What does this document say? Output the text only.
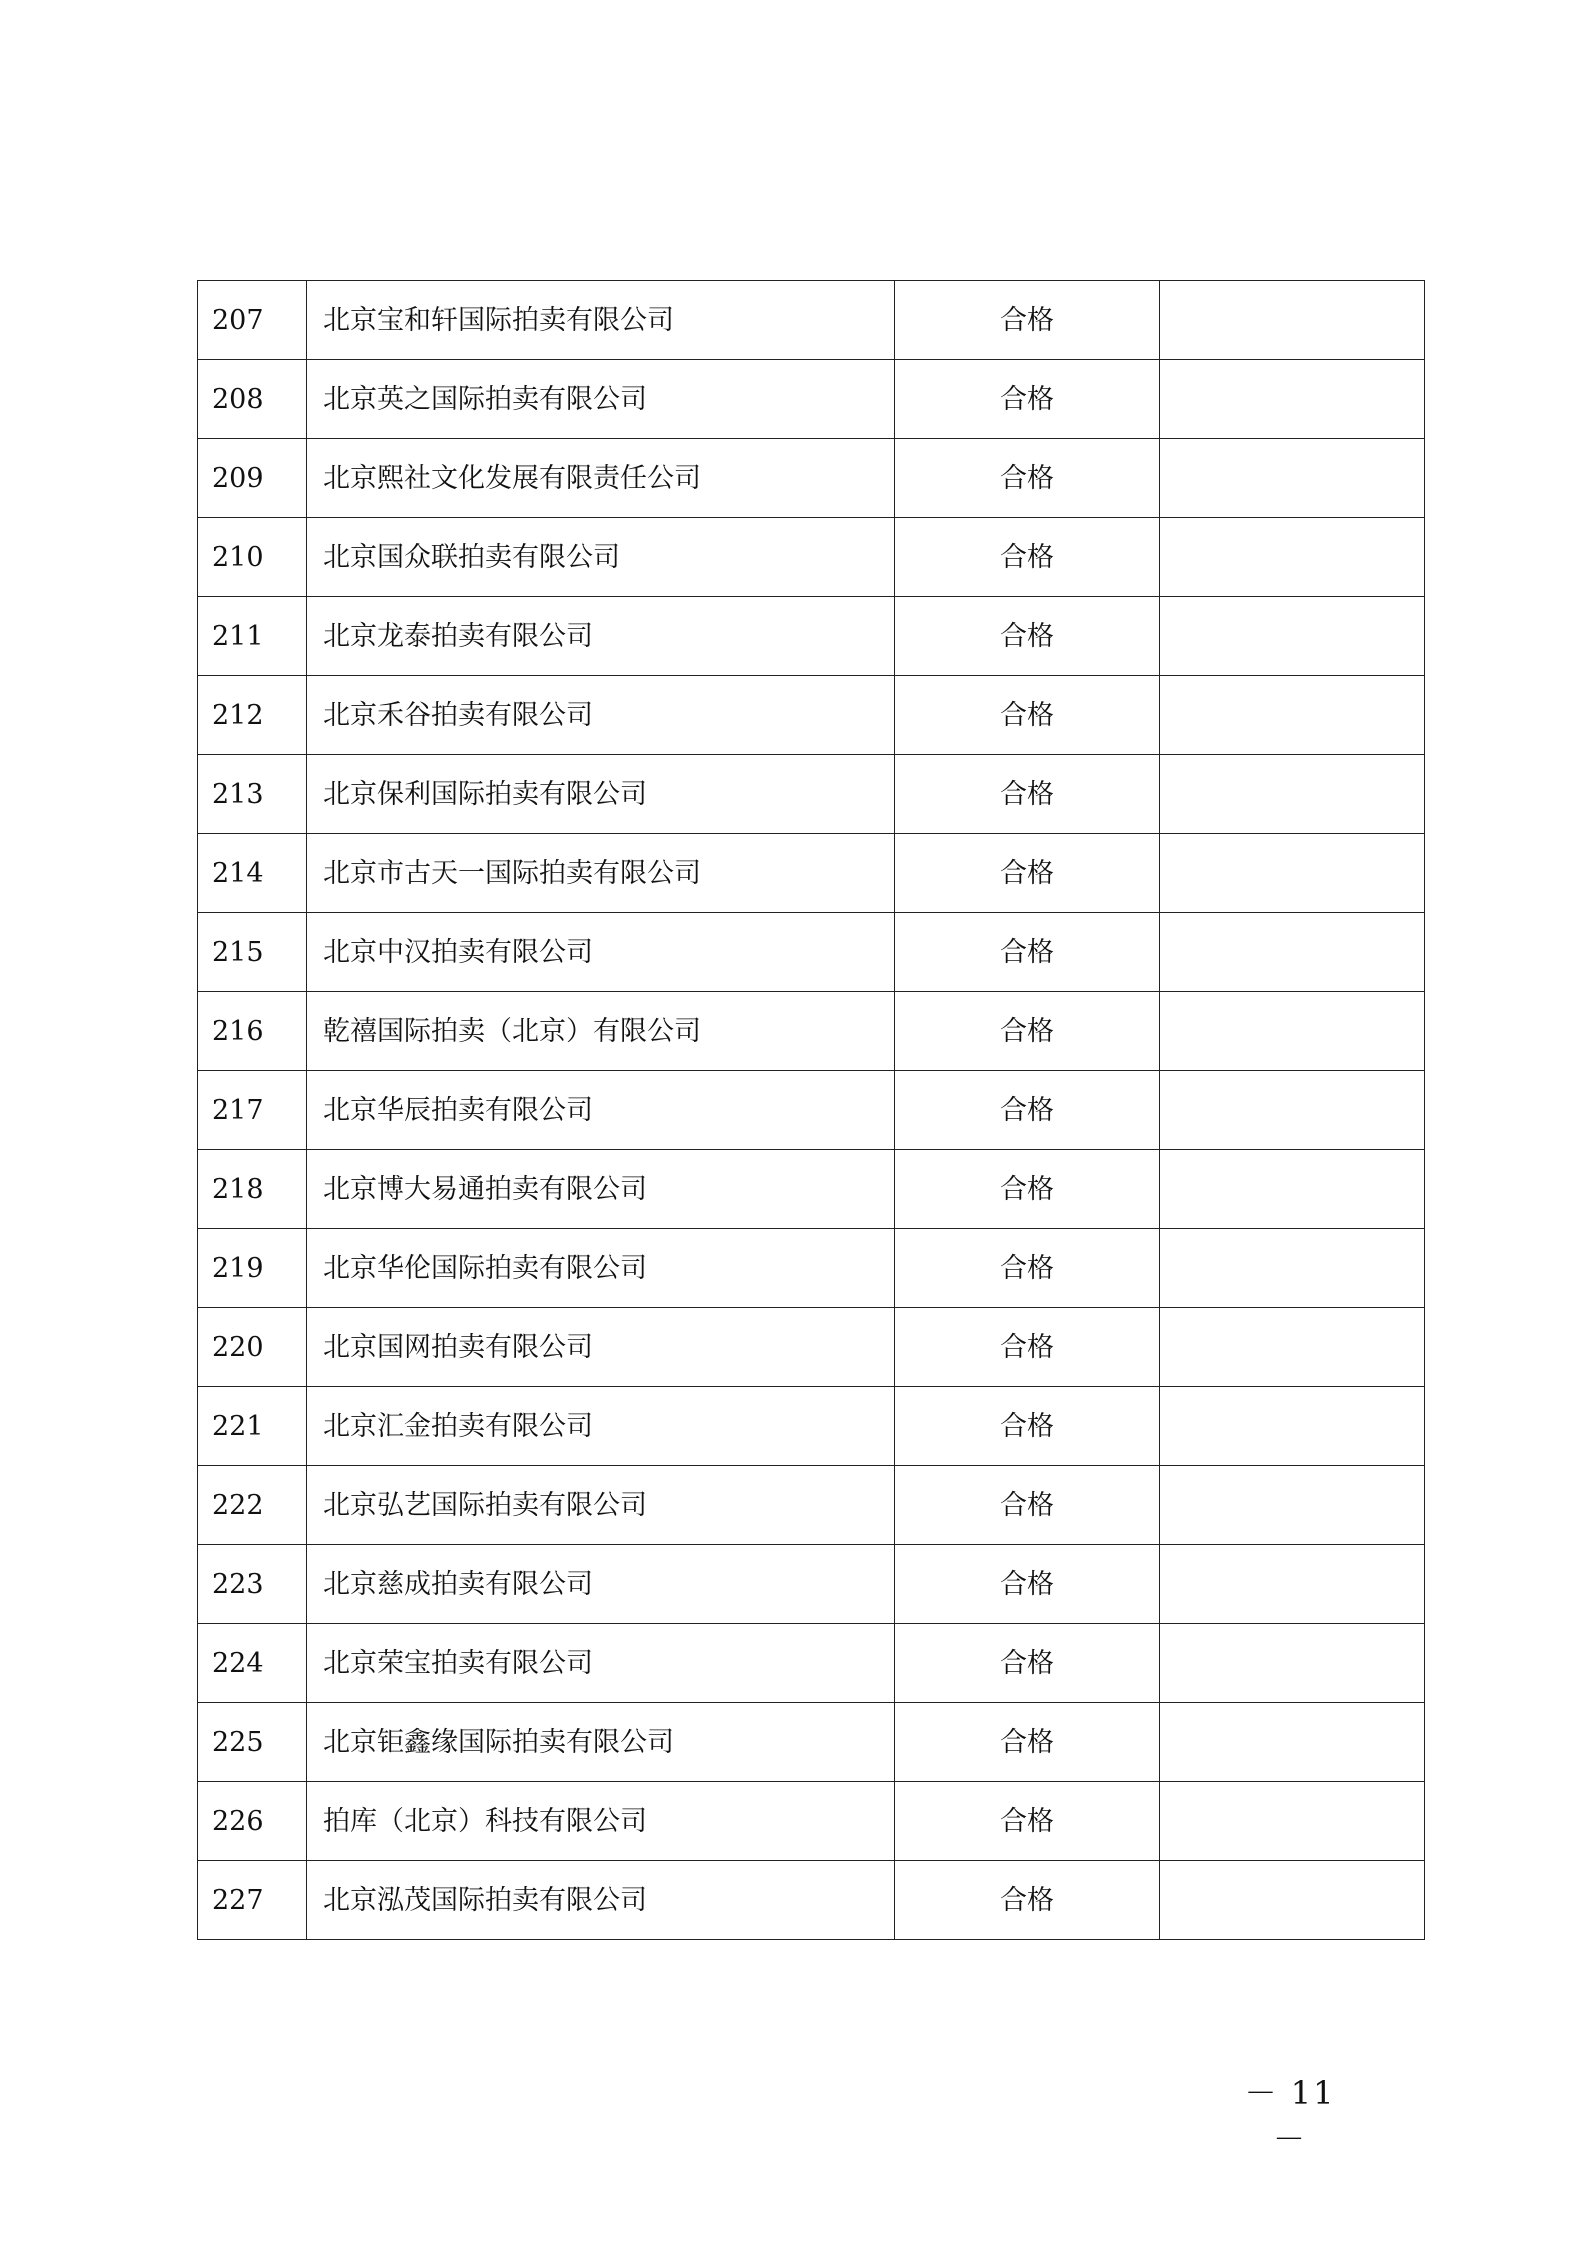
207	北京宝和轩国际拍卖有限公司	合格	
208	北京英之国际拍卖有限公司	合格	
209	北京熙社文化发展有限责任公司	合格	
210	北京国众联拍卖有限公司	合格	
211	北京龙泰拍卖有限公司	合格	
212	北京禾谷拍卖有限公司	合格	
213	北京保利国际拍卖有限公司	合格	
214	北京市古天一国际拍卖有限公司	合格	
215	北京中汉拍卖有限公司	合格	
216	乾禧国际拍卖（北京）有限公司	合格	
217	北京华辰拍卖有限公司	合格	
218	北京博大易通拍卖有限公司	合格	
219	北京华伦国际拍卖有限公司	合格	
220	北京国网拍卖有限公司	合格	
221	北京汇金拍卖有限公司	合格	
222	北京弘艺国际拍卖有限公司	合格	
223	北京慈成拍卖有限公司	合格	
224	北京荣宝拍卖有限公司	合格	
225	北京钜鑫缘国际拍卖有限公司	合格	
226	拍库（北京）科技有限公司	合格	
227	北京泓茂国际拍卖有限公司	合格	
－ 11 －
